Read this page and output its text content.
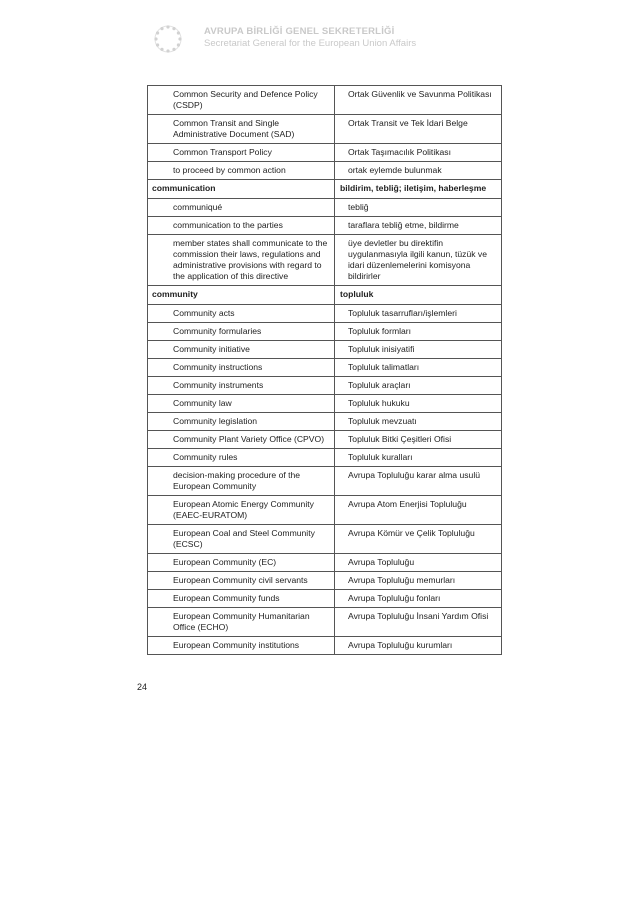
AVRUPA BİRLİĞİ GENEL SEKRETERLİĞİ
Secretariat General for the European Union Affairs
	Common Security and Defence Policy (CSDP)	Ortak Güvenlik ve Savunma Politikası
	Common Transit and Single Administrative Document (SAD)	Ortak Transit ve Tek İdari Belge
	Common Transport Policy	Ortak Taşımacılık Politikası
	to proceed by common action	ortak eylemde bulunmak
communication		bildirim, tebliğ; iletişim, haberleşme
	communiqué	tebliğ
	communication to the parties	taraflara tebliğ etme, bildirme
	member states shall communicate to the commission their laws, regulations and administrative provisions with regard to the application of this directive	üye devletler bu direktifin uygulanmasıyla ilgili kanun, tüzük ve idari düzenlemelerini komisyona bildirirler
community		topluluk
	Community acts	Topluluk tasarrufları/işlemleri
	Community formularies	Topluluk formları
	Community initiative	Topluluk inisiyatifi
	Community instructions	Topluluk talimatları
	Community instruments	Topluluk araçları
	Community law	Topluluk hukuku
	Community legislation	Topluluk mevzuatı
	Community Plant Variety Office (CPVO)	Topluluk Bitki Çeşitleri Ofisi
	Community rules	Topluluk kuralları
	decision-making procedure of the European Community	Avrupa Topluluğu karar alma usulü
	European Atomic Energy Community (EAEC-EURATOM)	Avrupa Atom Enerjisi Topluluğu
	European Coal and Steel Community (ECSC)	Avrupa Kömür ve Çelik Topluluğu
	European Community (EC)	Avrupa Topluluğu
	European Community civil servants	Avrupa Topluluğu memurları
	European Community funds	Avrupa Topluluğu fonları
	European Community Humanitarian Office (ECHO)	Avrupa Topluluğu İnsani Yardım Ofisi
	European Community institutions	Avrupa Topluluğu kurumları
24
